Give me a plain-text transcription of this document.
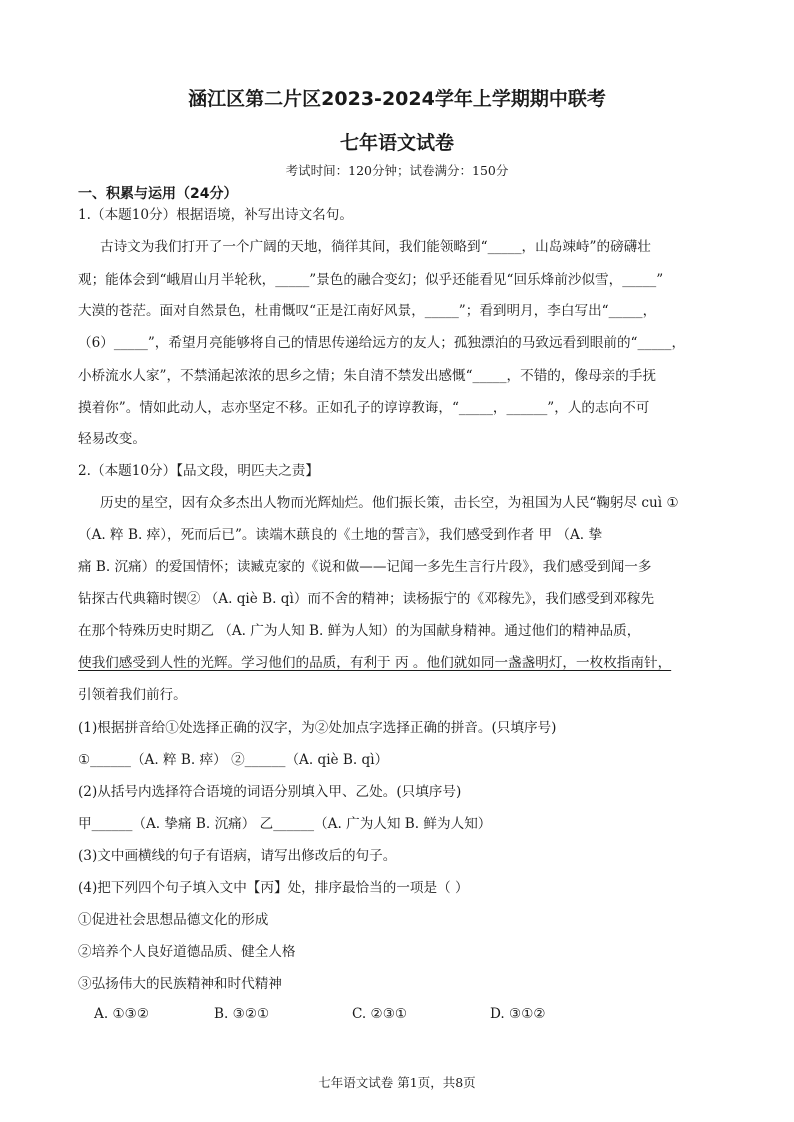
涵江区第二片区2023-2024学年上学期期中联考
七年语文试卷
考试时间：120分钟；试卷满分：150分
一、积累与运用（24分）
1.（本题10分）根据语境，补写出诗文名句。
古诗文为我们打开了一个广阔的天地，徜徉其间，我们能领略到“_____，山岛竦峙”的磅礴壮
观；能体会到“峨眉山月半轮秋，_____”景色的融合变幻；似乎还能看见“回乐烽前沙似雪，_____”
大漠的苍茫。面对自然景色，杜甫慨叹“正是江南好风景，_____”；看到明月，李白写出“_____，
（6）_____”，希望月亮能够将自己的情思传递给远方的友人；孤独漂泊的马致远看到眼前的“_____，
小桥流水人家”，不禁涌起浓浓的思乡之情；朱自清不禁发出感慨“_____，不错的，像母亲的手抚
摸着你”。情如此动人，志亦坚定不移。正如孔子的谆谆教诲，“_____，______”，人的志向不可
轻易改变。
2.（本题10分）【品文段，明匹夫之责】
历史的星空，因有众多杰出人物而光辉灿烂。他们振长策，击长空，为祖国为人民“鞠躬尽 cuì ①
（A. 粹 B. 瘁），死而后已”。读端木蕻良的《土地的誓言》，我们感受到作者 甲 （A. 挚
痛 B. 沉痛）的爱国情怀；读臧克家的《说和做——记闻一多先生言行片段》，我们感受到闻一多
钻探古代典籍时锲② （A. qiè B. qì）而不舍的精神；读杨振宁的《邓稼先》，我们感受到邓稼先
在那个特殊历史时期乙 （A. 广为人知 B. 鲜为人知）的为国献身精神。通过他们的精神品质，
使我们感受到人性的光辉。学习他们的品质，有利于 丙 。他们就如同一盏盏明灯，一枚枚指南针，
引领着我们前行。
(1)根据拼音给①处选择正确的汉字，为②处加点字选择正确的拼音。(只填序号)
①______（A. 粹 B. 瘁） ②______（A. qiè B. qì）
(2)从括号内选择符合语境的词语分别填入甲、乙处。(只填序号)
甲______（A. 挚痛 B. 沉痛） 乙______（A. 广为人知 B. 鲜为人知）
(3)文中画横线的句子有语病，请写出修改后的句子。
(4)把下列四个句子填入文中【丙】处，排序最恰当的一项是（ ）
①促进社会思想品德文化的形成
②培养个人良好道德品质、健全人格
③弘扬伟大的民族精神和时代精神
A. ①③②	B. ③②①	C. ②③①	D. ③①②
七年语文试卷 第1页，共8页
